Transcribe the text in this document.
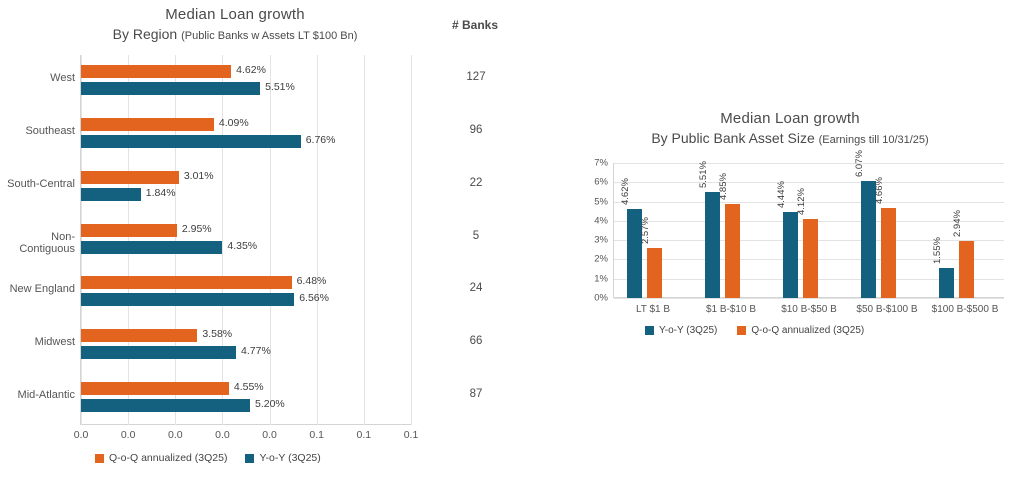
Median Loan growth
By Region (Public Banks w Assets LT $100 Bn)
# Banks
0.0	0.0	0.0	0.0	0.0	0.1	0.1	0.1
West
4.62%
5.51%
127
Southeast
4.09%
6.76%
96
South-Central
3.01%
1.84%
22
Non-Contiguous
2.95%
4.35%
5
New England
6.48%
6.56%
24
Midwest
3.58%
4.77%
66
Mid-Atlantic
4.55%
5.20%
87
Q-o-Q annualized (3Q25)	Y-o-Y (3Q25)
Median Loan growth
By Public Bank Asset Size (Earnings till 10/31/25)
7%
6%
5%
4%
3%
2%
1%
0%
4.62%
2.57%
LT $1 B
5.51% 4.85%
$1 B-$10 B
4.44% 4.12%
$10 B-$50 B
6.07%
4.66%
$50 B-$100 B
1.55%
2.94%
$100 B-$500 B
Y-o-Y (3Q25)	Q-o-Q annualized (3Q25)
